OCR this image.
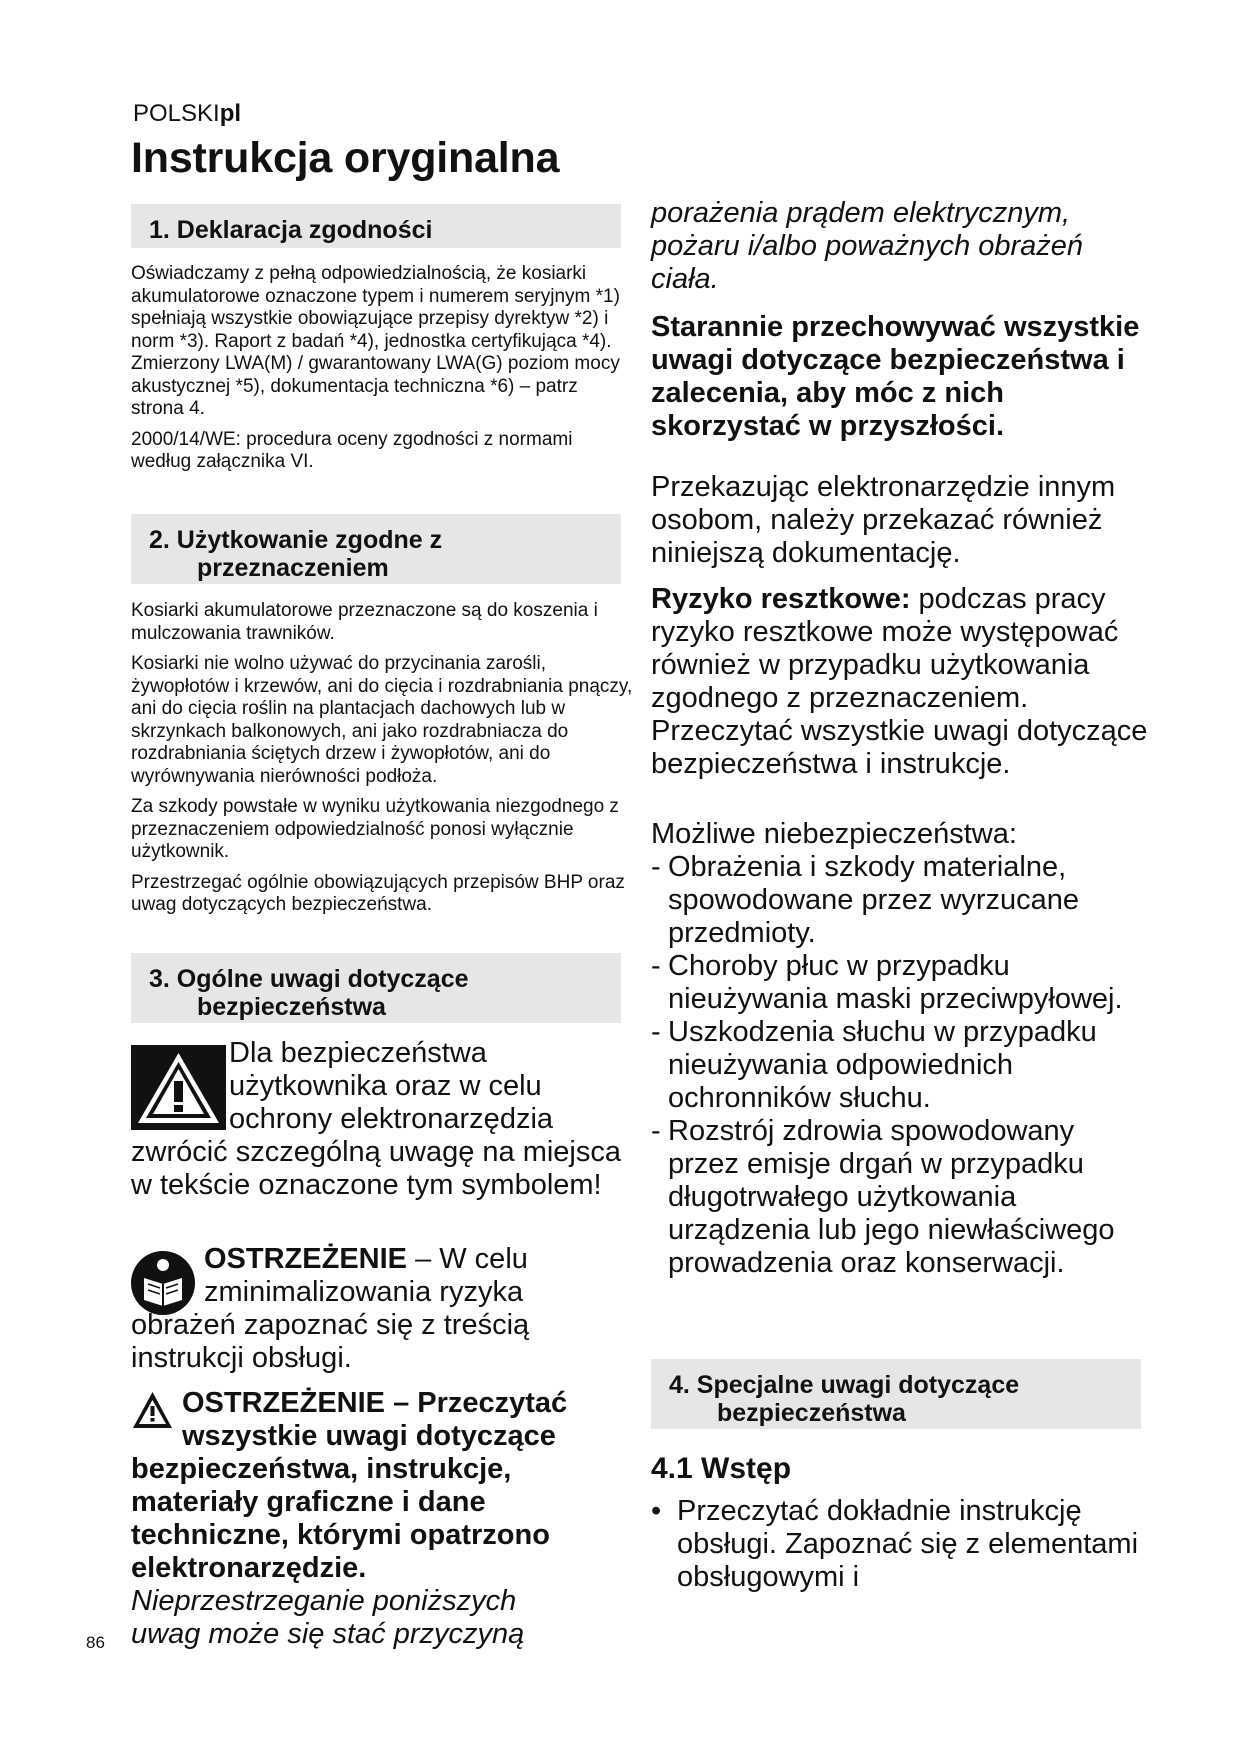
POLSKIpl
Instrukcja oryginalna
1. Deklaracja zgodności

Oświadczamy z pełną odpowiedzialnością, że kosiarki akumulatorowe oznaczone typem i numerem seryjnym *1) spełniają wszystkie obowiązujące przepisy dyrektyw *2) i norm *3). Raport z badań *4), jednostka certyfikująca *4). Zmierzony LWA(M) / gwarantowany LWA(G) poziom mocy akustycznej *5), dokumentacja techniczna *6) – patrz strona 4.

2000/14/WE: procedura oceny zgodności z normami według załącznika VI.

2. Użytkowanie zgodne z
przeznaczeniem

Kosiarki akumulatorowe przeznaczone są do koszenia i mulczowania trawników.

Kosiarki nie wolno używać do przycinania zarośli, żywopłotów i krzewów, ani do cięcia i rozdrabniania pnączy, ani do cięcia roślin na plantacjach dachowych lub w skrzynkach balkonowych, ani jako rozdrabniacza do rozdrabniania ściętych drzew i żywopłotów, ani do wyrównywania nierówności podłoża.

Za szkody powstałe w wyniku użytkowania niezgodnego z przeznaczeniem odpowiedzialność ponosi wyłącznie użytkownik.

Przestrzegać ogólnie obowiązujących przepisów BHP oraz uwag dotyczących bezpieczeństwa.

3. Ogólne uwagi dotyczące
bezpieczeństwa
Dla bezpieczeństwa
użytkownika oraz w celu
ochrony elektronarzędzia
zwrócić szczególną uwagę na miejsca w tekście oznaczone tym symbolem!
OSTRZEŻENIE – W celu
zminimalizowania ryzyka
obrażeń zapoznać się z treścią instrukcji obsługi.
OSTRZEŻENIE – Przeczytać
wszystkie uwagi dotyczące
bezpieczeństwa, instrukcje, materiały graficzne i dane techniczne, którymi opatrzono elektronarzędzie.
Nieprzestrzeganie poniższych
uwag może się stać przyczyną
porażenia prądem elektrycznym, pożaru i/albo poważnych obrażeń ciała.
Starannie przechowywać wszystkie uwagi dotyczące bezpieczeństwa i zalecenia, aby móc z nich skorzystać w przyszłości.
Przekazując elektronarzędzie innym osobom, należy przekazać również niniejszą dokumentację.
Ryzyko resztkowe: podczas pracy ryzyko resztkowe może występować również w przypadku użytkowania zgodnego z przeznaczeniem. Przeczytać wszystkie uwagi dotyczące bezpieczeństwa i instrukcje.
Możliwe niebezpieczeństwa:
- Obrażenia i szkody materialne, spowodowane przez wyrzucane przedmioty.
- Choroby płuc w przypadku nieużywania maski przeciwpyłowej.
- Uszkodzenia słuchu w przypadku nieużywania odpowiednich ochronników słuchu.
- Rozstrój zdrowia spowodowany przez emisje drgań w przypadku długotrwałego użytkowania urządzenia lub jego niewłaściwego prowadzenia oraz konserwacji.
4. Specjalne uwagi dotyczące
bezpieczeństwa
4.1 Wstęp
• Przeczytać dokładnie instrukcję obsługi. Zapoznać się z elementami obsługowymi i
86
